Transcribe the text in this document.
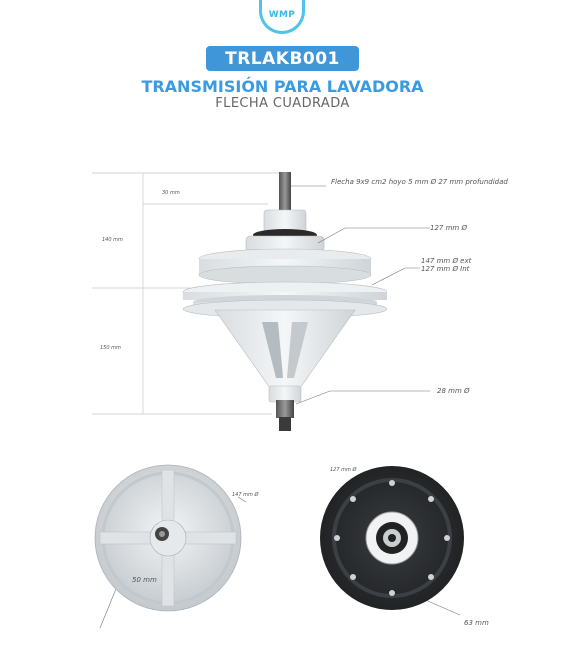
WMP
TRLAKB001
TRANSMISIÓN PARA LAVADORA
FLECHA CUADRADA
Flecha 9x9 cm2 hoyo 5 mm Ø 27 mm profundidad
30 mm
140 mm
150 mm
127 mm Ø
147 mm Ø ext
127 mm Ø Int
28 mm Ø
147 mm Ø
50 mm
127 mm Ø
63 mm
